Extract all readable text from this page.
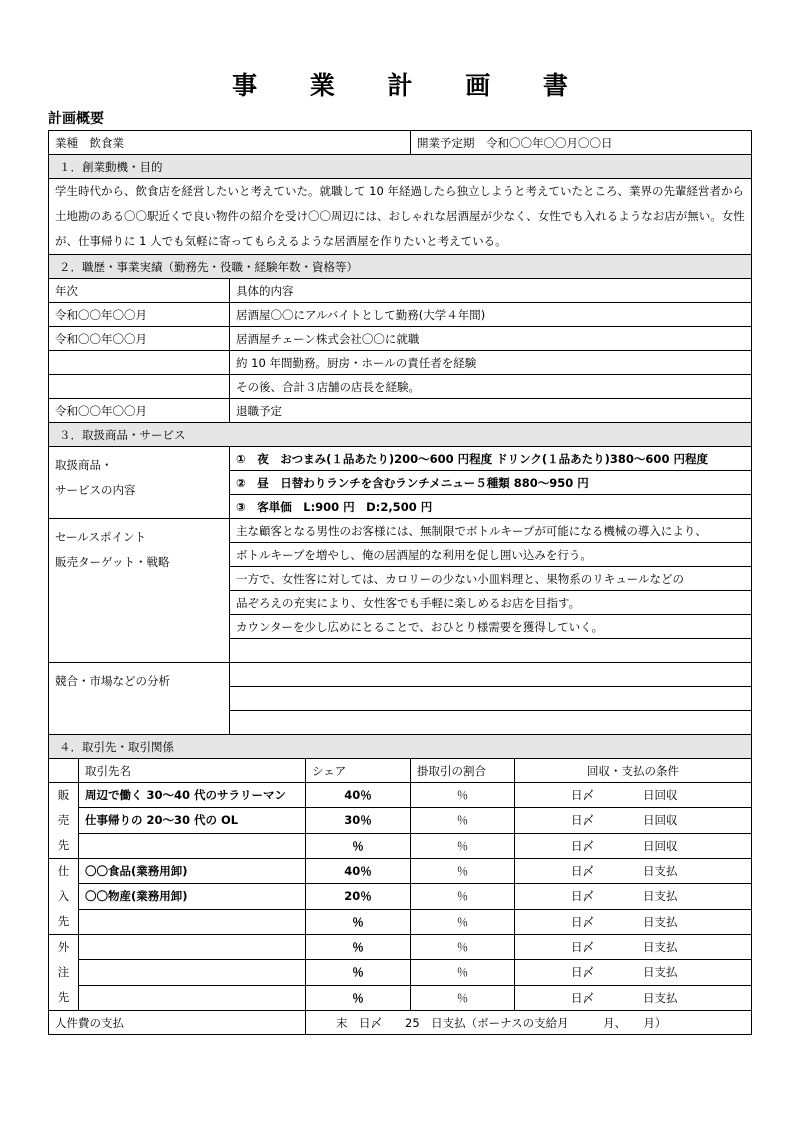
事 業 計 画 書
計画概要
業種　飲食業				開業予定期　令和〇〇年〇〇月〇〇日	
１．創業動機・目的					
学生時代から、飲食店を経営したいと考えていた。就職して 10 年経過したら独立しようと考えていたところ、業界の先輩経営者から土地勘のある〇〇駅近くで良い物件の紹介を受け〇〇周辺には、おしゃれな居酒屋が少なく、女性でも入れるようなお店が無い。女性が、仕事帰りに 1 人でも気軽に寄ってもらえるような居酒屋を作りたいと考えている。					
２．職歴・事業実績（勤務先・役職・経験年数・資格等）					
年次		具体的内容			
令和〇〇年〇〇月		居酒屋〇〇にアルバイトとして勤務(大学４年間)			
令和〇〇年〇〇月		居酒屋チェーン株式会社〇〇に就職			
		約 10 年間勤務。厨房・ホールの責任者を経験			
		その後、合計３店舗の店長を経験。			
令和〇〇年〇〇月		退職予定			
３．取扱商品・サービス					

取扱商品・
サービスの内容		①　夜　おつまみ(１品あたり)200～600 円程度 ドリンク(１品あたり)380～600 円程度			
		②　昼　日替わりランチを含むランチメニュー５種類 880～950 円			
		③　客単価　L:900 円　D:2,500 円			

セールスポイント
販売ターゲット・戦略		主な顧客となる男性のお客様には、無制限でボトルキープが可能になる機械の導入により、			
		ボトルキープを増やし、俺の居酒屋的な利用を促し囲い込みを行う。			
		一方で、女性客に対しては、カロリーの少ない小皿料理と、果物系のリキュールなどの			
		品ぞろえの充実により、女性客でも手軽に楽しめるお店を目指す。			
		カウンターを少し広めにとることで、おひとり様需要を獲得していく。			

競合・市場などの分析					

４．取引先・取引関係					
	取引先名		シェア	掛取引の割合	回収・支払の条件
販売先	周辺で働く 30～40 代のサラリーマン		40％	％	日〆 日回収
	仕事帰りの 20～30 代の OL		30％	％	日〆 日回収
			％	％	日〆 日回収
仕入先	〇〇食品(業務用卸)		40％	％	日〆 日支払
	〇〇物産(業務用卸)		20％	％	日〆 日支払
			％	％	日〆 日支払
外注先			％	％	日〆 日支払
			％	％	日〆 日支払
			％	％	日〆 日支払
人件費の支払			末　日〆　　25　日支払（ボーナスの支給月　　　月、　　月）		
